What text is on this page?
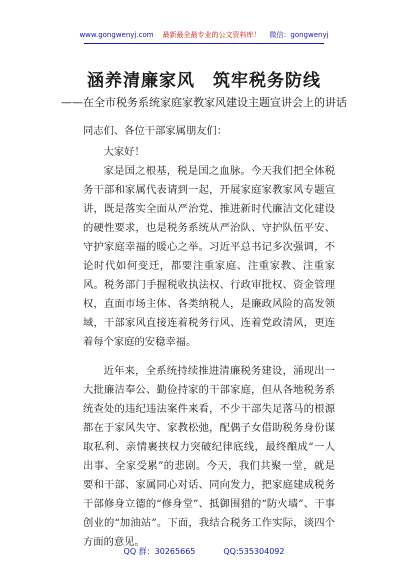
www.gongwenyj.com 最新最全最专业的公文资料库！ 微信：gongwenyj
涵养清廉家风 筑牢税务防线
——在全市税务系统家庭家教家风建设主题宣讲会上的讲话

同志们、各位干部家属朋友们：

大家好！

家是国之根基，税是国之血脉。今天我们把全体税务干部和家属代表请到一起，开展家庭家教家风专题宣讲，既是落实全面从严治党、推进新时代廉洁文化建设的硬性要求，也是税务系统从严治队、守护队伍平安、守护家庭幸福的暖心之举。习近平总书记多次强调，不论时代如何变迁，都要注重家庭、注重家教、注重家风。税务部门手握税收执法权、行政审批权、资金管理权，直面市场主体、各类纳税人，是廉政风险的高发领域，干部家风直接连着税务行风、连着党政清风，更连着每个家庭的安稳幸福。

近年来，全系统持续推进清廉税务建设，涌现出一大批廉洁奉公、勤俭持家的干部家庭，但从各地税务系统查处的违纪违法案件来看，不少干部失足落马的根源都在于家风失守、家教松弛，配偶子女借助税务身份谋取私利、亲情裹挟权力突破纪律底线，最终酿成“一人出事、全家受累”的悲剧。今天，我们共聚一堂，就是要和干部、家属同心对话、同向发力，把家庭建成税务干部修身立德的“修身堂”、抵御围猎的“防火墙”、干事创业的“加油站”。下面，我结合税务工作实际，谈四个方面的意见。

QQ 群：30265665	QQ:535304092
